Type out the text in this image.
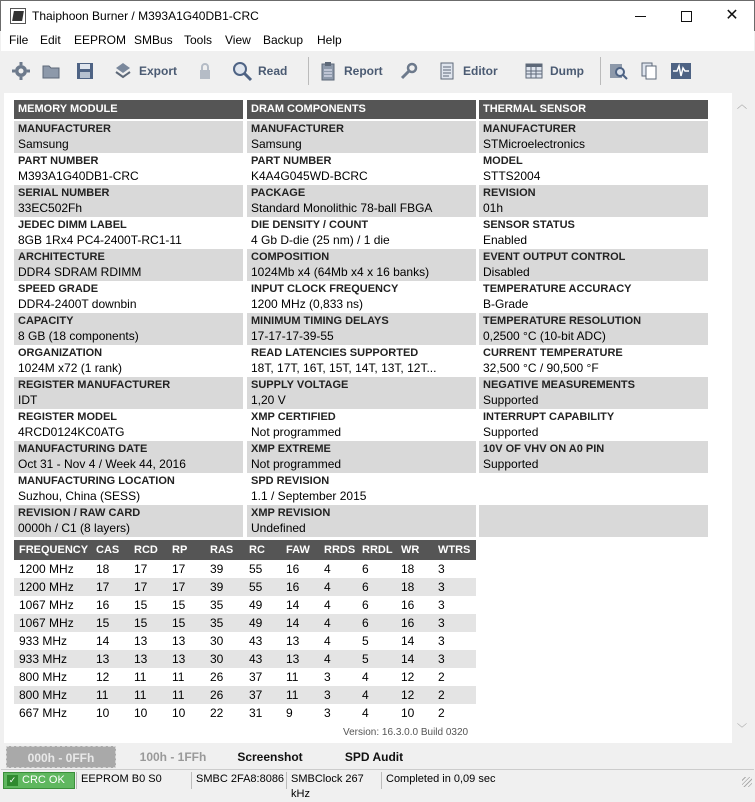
Thaiphoon Burner / M393A1G40DB1-CRC	✕
File Edit EEPROM SMBus Tools View Backup Help
Export	Read	Report	Editor	Dump
MEMORY MODULE	DRAM COMPONENTS	THERMAL SENSOR
MANUFACTURER
Samsung
PART NUMBER
M393A1G40DB1-CRC
SERIAL NUMBER
33EC502Fh
JEDEC DIMM LABEL
8GB 1Rx4 PC4-2400T-RC1-11
ARCHITECTURE
DDR4 SDRAM RDIMM
SPEED GRADE
DDR4-2400T downbin
CAPACITY
8 GB (18 components)
ORGANIZATION
1024M x72 (1 rank)
REGISTER MANUFACTURER
IDT
REGISTER MODEL
4RCD0124KC0ATG
MANUFACTURING DATE
Oct 31 - Nov 4 / Week 44, 2016
MANUFACTURING LOCATION
Suzhou, China (SESS)
REVISION / RAW CARD
0000h / C1 (8 layers)
MANUFACTURER
Samsung
PART NUMBER
K4A4G045WD-BCRC
PACKAGE
Standard Monolithic 78-ball FBGA
DIE DENSITY / COUNT
4 Gb D-die (25 nm) / 1 die
COMPOSITION
1024Mb x4 (64Mb x4 x 16 banks)
INPUT CLOCK FREQUENCY
1200 MHz (0,833 ns)
MINIMUM TIMING DELAYS
17-17-17-39-55
READ LATENCIES SUPPORTED
18T, 17T, 16T, 15T, 14T, 13T, 12T...
SUPPLY VOLTAGE
1,20 V
XMP CERTIFIED
Not programmed
XMP EXTREME
Not programmed
SPD REVISION
1.1 / September 2015
XMP REVISION
Undefined
MANUFACTURER
STMicroelectronics
MODEL
STTS2004
REVISION
01h
SENSOR STATUS
Enabled
EVENT OUTPUT CONTROL
Disabled
TEMPERATURE ACCURACY
B-Grade
TEMPERATURE RESOLUTION
0,2500 °C (10-bit ADC)
CURRENT TEMPERATURE
32,500 °C / 90,500 °F
NEGATIVE MEASUREMENTS
Supported
INTERRUPT CAPABILITY
Supported
10V OF VHV ON A0 PIN
Supported
FREQUENCY CAS RCD RP RAS RC FAW RRDS RRDL WR WTRS
1200 MHz 18 17 17 39 55 16 4	6	18 3
1200 MHz 17 17 17 39 55 16 4	6	18 3
1067 MHz 16 15 15 35 49 14 4	6	16 3
1067 MHz 15 15 15 35 49 14 4	6	16 3
933 MHz 14 13 13 30 43 13 4	5	14 3
933 MHz 13 13 13 30 43 13 4	5	14 3
800 MHz 12 11 11 26 37 11 3	4	12 2
800 MHz 11 11 11 26 37 11 3	4	12 2
667 MHz 10 10 10 22 31 9	3	4	10 2
Version: 16.3.0.0 Build 0320
︿
﹀
000h - 0FFh	100h - 1FFh	Screenshot	SPD Audit
✓ CRC OK	EEPROM B0 S0	SMBC 2FA8:8086 SMBClock 267 kHz
Completed in 0,09 sec
